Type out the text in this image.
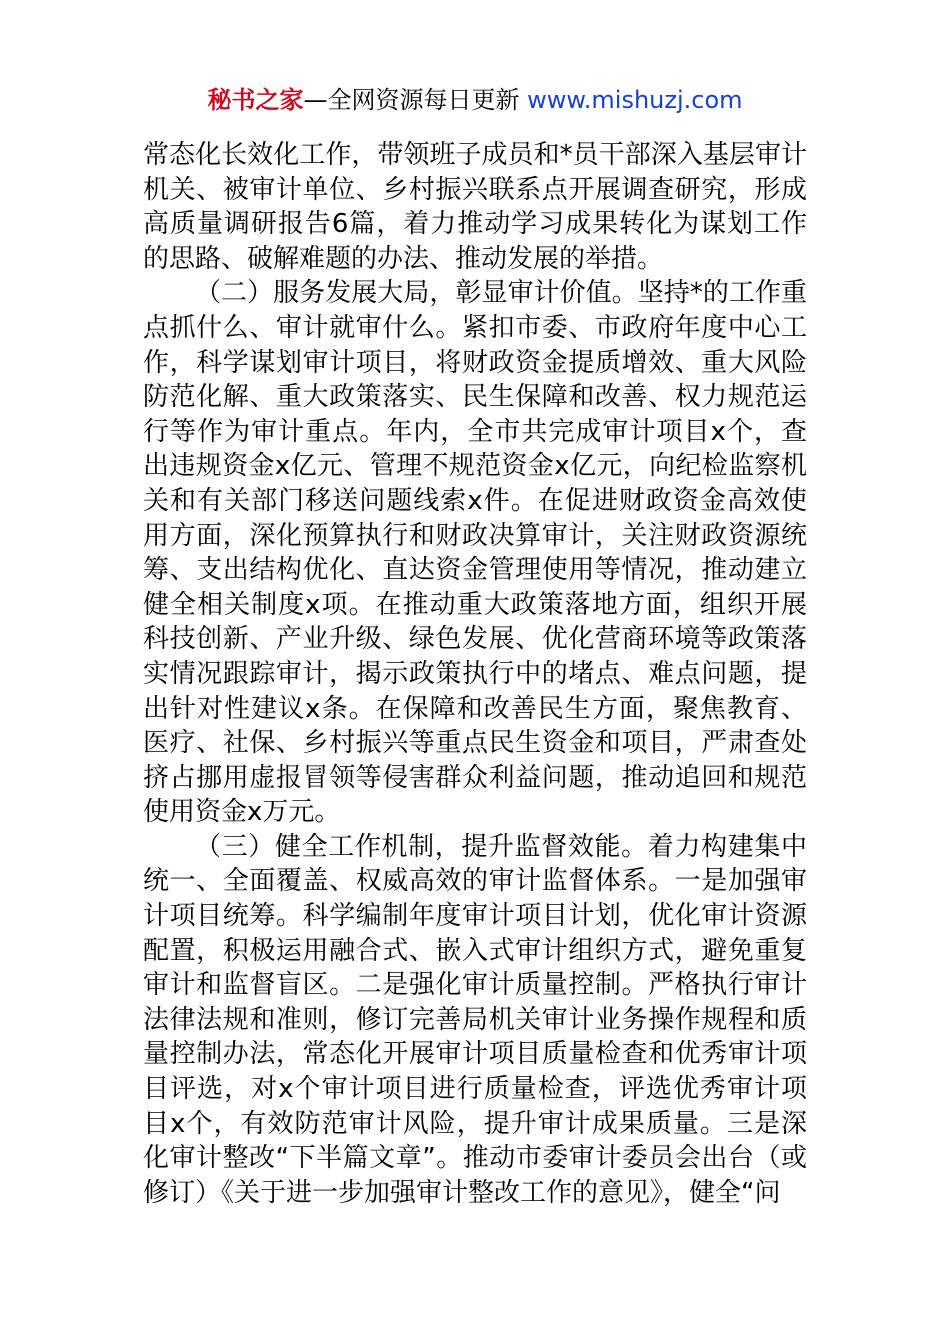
秘书之家—全网资源每日更新 www.mishuzj.com

常态化长效化工作，带领班子成员和*员干部深入基层审计机关、被审计单位、乡村振兴联系点开展调查研究，形成高质量调研报告6篇，着力推动学习成果转化为谋划工作的思路、破解难题的办法、推动发展的举措。

（二）服务发展大局，彰显审计价值。坚持*的工作重点抓什么、审计就审什么。紧扣市委、市政府年度中心工作，科学谋划审计项目，将财政资金提质增效、重大风险防范化解、重大政策落实、民生保障和改善、权力规范运行等作为审计重点。年内，全市共完成审计项目x个，查出违规资金x亿元、管理不规范资金x亿元，向纪检监察机关和有关部门移送问题线索x件。在促进财政资金高效使用方面，深化预算执行和财政决算审计，关注财政资源统筹、支出结构优化、直达资金管理使用等情况，推动建立健全相关制度x项。在推动重大政策落地方面，组织开展科技创新、产业升级、绿色发展、优化营商环境等政策落实情况跟踪审计，揭示政策执行中的堵点、难点问题，提出针对性建议x条。在保障和改善民生方面，聚焦教育、医疗、社保、乡村振兴等重点民生资金和项目，严肃查处挤占挪用虚报冒领等侵害群众利益问题，推动追回和规范使用资金x万元。

（三）健全工作机制，提升监督效能。着力构建集中统一、全面覆盖、权威高效的审计监督体系。一是加强审计项目统筹。科学编制年度审计项目计划，优化审计资源配置，积极运用融合式、嵌入式审计组织方式，避免重复审计和监督盲区。二是强化审计质量控制。严格执行审计法律法规和准则，修订完善局机关审计业务操作规程和质量控制办法，常态化开展审计项目质量检查和优秀审计项目评选，对x个审计项目进行质量检查，评选优秀审计项目x个，有效防范审计风险，提升审计成果质量。三是深化审计整改“下半篇文章”。推动市委审计委员会出台（或修订）《关于进一步加强审计整改工作的意见》，健全“问
